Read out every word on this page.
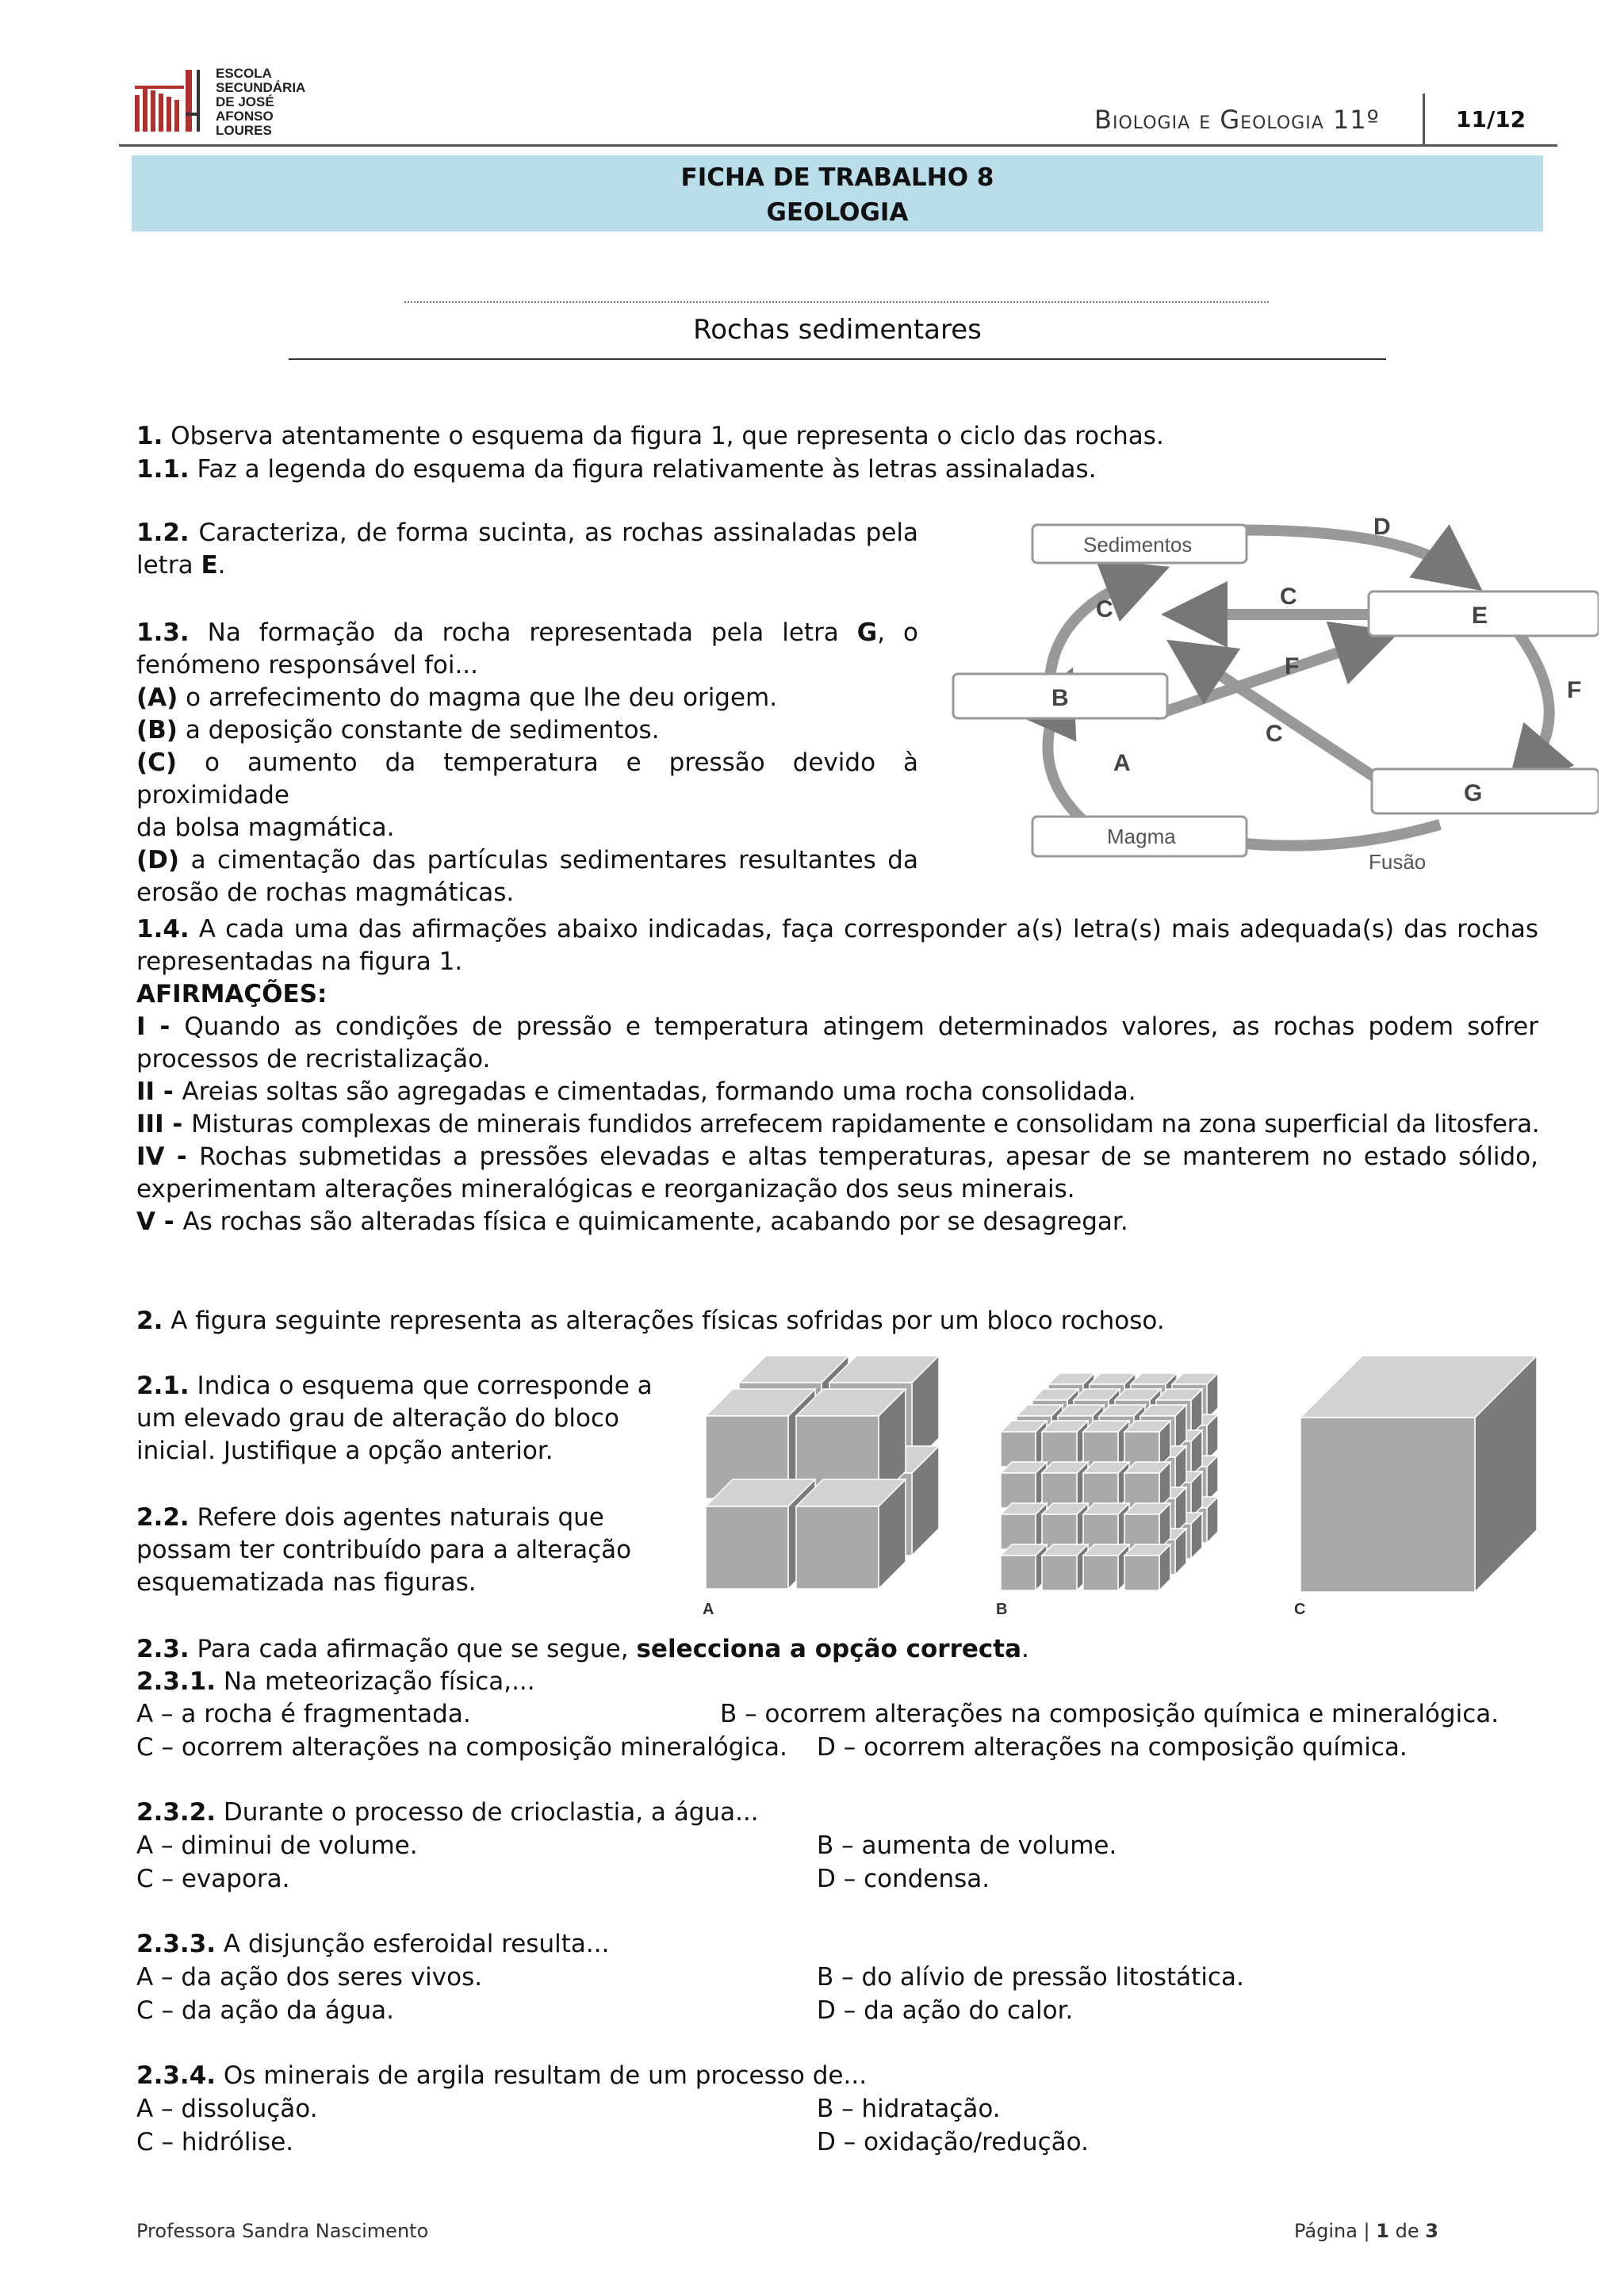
ESCOLA
SECUNDÁRIA
DE JOSÉ AFONSO
LOURES	Biologia e Geologia 11º	11/12
FICHA DE TRABALHO 8
GEOLOGIA
Rochas sedimentares
1. Observa atentamente o esquema da figura 1, que representa o ciclo das rochas.
1.1. Faz a legenda do esquema da figura relativamente às letras assinaladas.
1.2. Caracteriza, de forma sucinta, as rochas assinaladas pela
letra E.
1.3. Na formação da rocha representada pela letra G, o
fenómeno responsável foi...
(A) o arrefecimento do magma que lhe deu origem.
(B) a deposição constante de sedimentos.
(C) o aumento da temperatura e pressão devido à proximidade
da bolsa magmática.
(D) a cimentação das partículas sedimentares resultantes da
erosão de rochas magmáticas.
Sedimentos
Magma
Fusão
D
E
C
C
F
F
B
C
A
G
1.4. A cada uma das afirmações abaixo indicadas, faça corresponder a(s) letra(s) mais adequada(s) das rochas
representadas na figura 1.
AFIRMAÇÕES:
I - Quando as condições de pressão e temperatura atingem determinados valores, as rochas podem sofrer
processos de recristalização.
II - Areias soltas são agregadas e cimentadas, formando uma rocha consolidada.
III - Misturas complexas de minerais fundidos arrefecem rapidamente e consolidam na zona superficial da litosfera.
IV - Rochas submetidas a pressões elevadas e altas temperaturas, apesar de se manterem no estado sólido,
experimentam alterações mineralógicas e reorganização dos seus minerais.
V - As rochas são alteradas física e quimicamente, acabando por se desagregar.
2. A figura seguinte representa as alterações físicas sofridas por um bloco rochoso.
2.1. Indica o esquema que corresponde a
um elevado grau de alteração do bloco
inicial. Justifique a opção anterior.
2.2. Refere dois agentes naturais que
possam ter contribuído para a alteração
esquematizada nas figuras.
A	B	C
2.3. Para cada afirmação que se segue, selecciona a opção correcta.
2.3.1. Na meteorização física,...
A – a rocha é fragmentada.	B – ocorrem alterações na composição química e mineralógica.
C – ocorrem alterações na composição mineralógica. D – ocorrem alterações na composição química.
2.3.2. Durante o processo de crioclastia, a água...
A – diminui de volume.	B – aumenta de volume.
C – evapora.	D – condensa.
2.3.3. A disjunção esferoidal resulta...
A – da ação dos seres vivos.	B – do alívio de pressão litostática.
C – da ação da água.	D – da ação do calor.
2.3.4. Os minerais de argila resultam de um processo de...
A – dissolução.	B – hidratação.
C – hidrólise.	D – oxidação/redução.
Professora Sandra Nascimento	Página | 1 de 3
